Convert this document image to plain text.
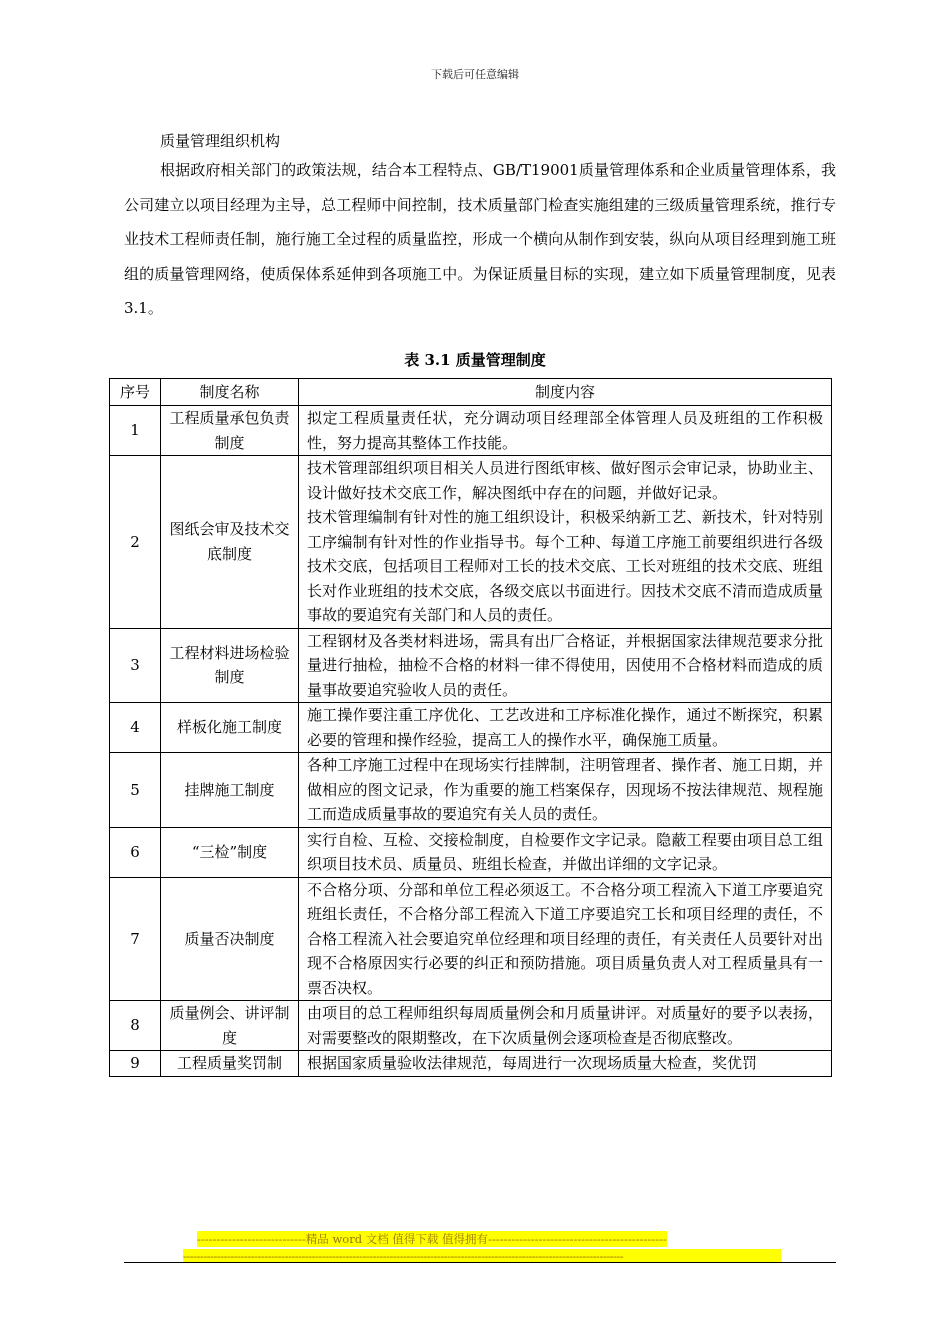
下载后可任意编辑
质量管理组织机构

根据政府相关部门的政策法规，结合本工程特点、GB/T19001质量管理体系和企业质量管理体系，我公司建立以项目经理为主导，总工程师中间控制，技术质量部门检查实施组建的三级质量管理系统，推行专业技术工程师责任制，施行施工全过程的质量监控，形成一个横向从制作到安装，纵向从项目经理到施工班组的质量管理网络，使质保体系延伸到各项施工中。为保证质量目标的实现，建立如下质量管理制度，见表3.1。

表 3.1 质量管理制度
序号	制度名称	制度内容
1	工程质量承包负责制度	拟定工程质量责任状，充分调动项目经理部全体管理人员及班组的工作积极性，努力提高其整体工作技能。

2	图纸会审及技术交底制度	技术管理部组织项目相关人员进行图纸审核、做好图示会审记录，协助业主、设计做好技术交底工作，解决图纸中存在的问题，并做好记录。

技术管理编制有针对性的施工组织设计，积极采纳新工艺、新技术，针对特别工序编制有针对性的作业指导书。每个工种、每道工序施工前要组织进行各级技术交底，包括项目工程师对工长的技术交底、工长对班组的技术交底、班组长对作业班组的技术交底，各级交底以书面进行。因技术交底不清而造成质量事故的要追究有关部门和人员的责任。

3	工程材料进场检验制度	工程钢材及各类材料进场，需具有出厂合格证，并根据国家法律规范要求分批量进行抽检，抽检不合格的材料一律不得使用，因使用不合格材料而造成的质量事故要追究验收人员的责任。

4	样板化施工制度	施工操作要注重工序优化、工艺改进和工序标准化操作，通过不断探究，积累必要的管理和操作经验，提高工人的操作水平，确保施工质量。

5	挂牌施工制度	各种工序施工过程中在现场实行挂牌制，注明管理者、操作者、施工日期，并做相应的图文记录，作为重要的施工档案保存，因现场不按法律规范、规程施工而造成质量事故的要追究有关人员的责任。

6	“三检”制度	实行自检、互检、交接检制度，自检要作文字记录。隐蔽工程要由项目总工组织项目技术员、质量员、班组长检查，并做出详细的文字记录。

7	质量否决制度	不合格分项、分部和单位工程必须返工。不合格分项工程流入下道工序要追究班组长责任，不合格分部工程流入下道工序要追究工长和项目经理的责任，不合格工程流入社会要追究单位经理和项目经理的责任，有关责任人员要针对出现不合格原因实行必要的纠正和预防措施。项目质量负责人对工程质量具有一票否决权。

8	质量例会、讲评制度	由项目的总工程师组织每周质量例会和月质量讲评。对质量好的要予以表扬，对需要整改的限期整改，在下次质量例会逐项检查是否彻底整改。

9	工程质量奖罚制	根据国家质量验收法律规范，每周进行一次现场质量大检查，奖优罚

----------------------------精品 word 文档 值得下载 值得拥有----------------------------------------------
----------------------------------------------------------------------------------------------------------------------------------
